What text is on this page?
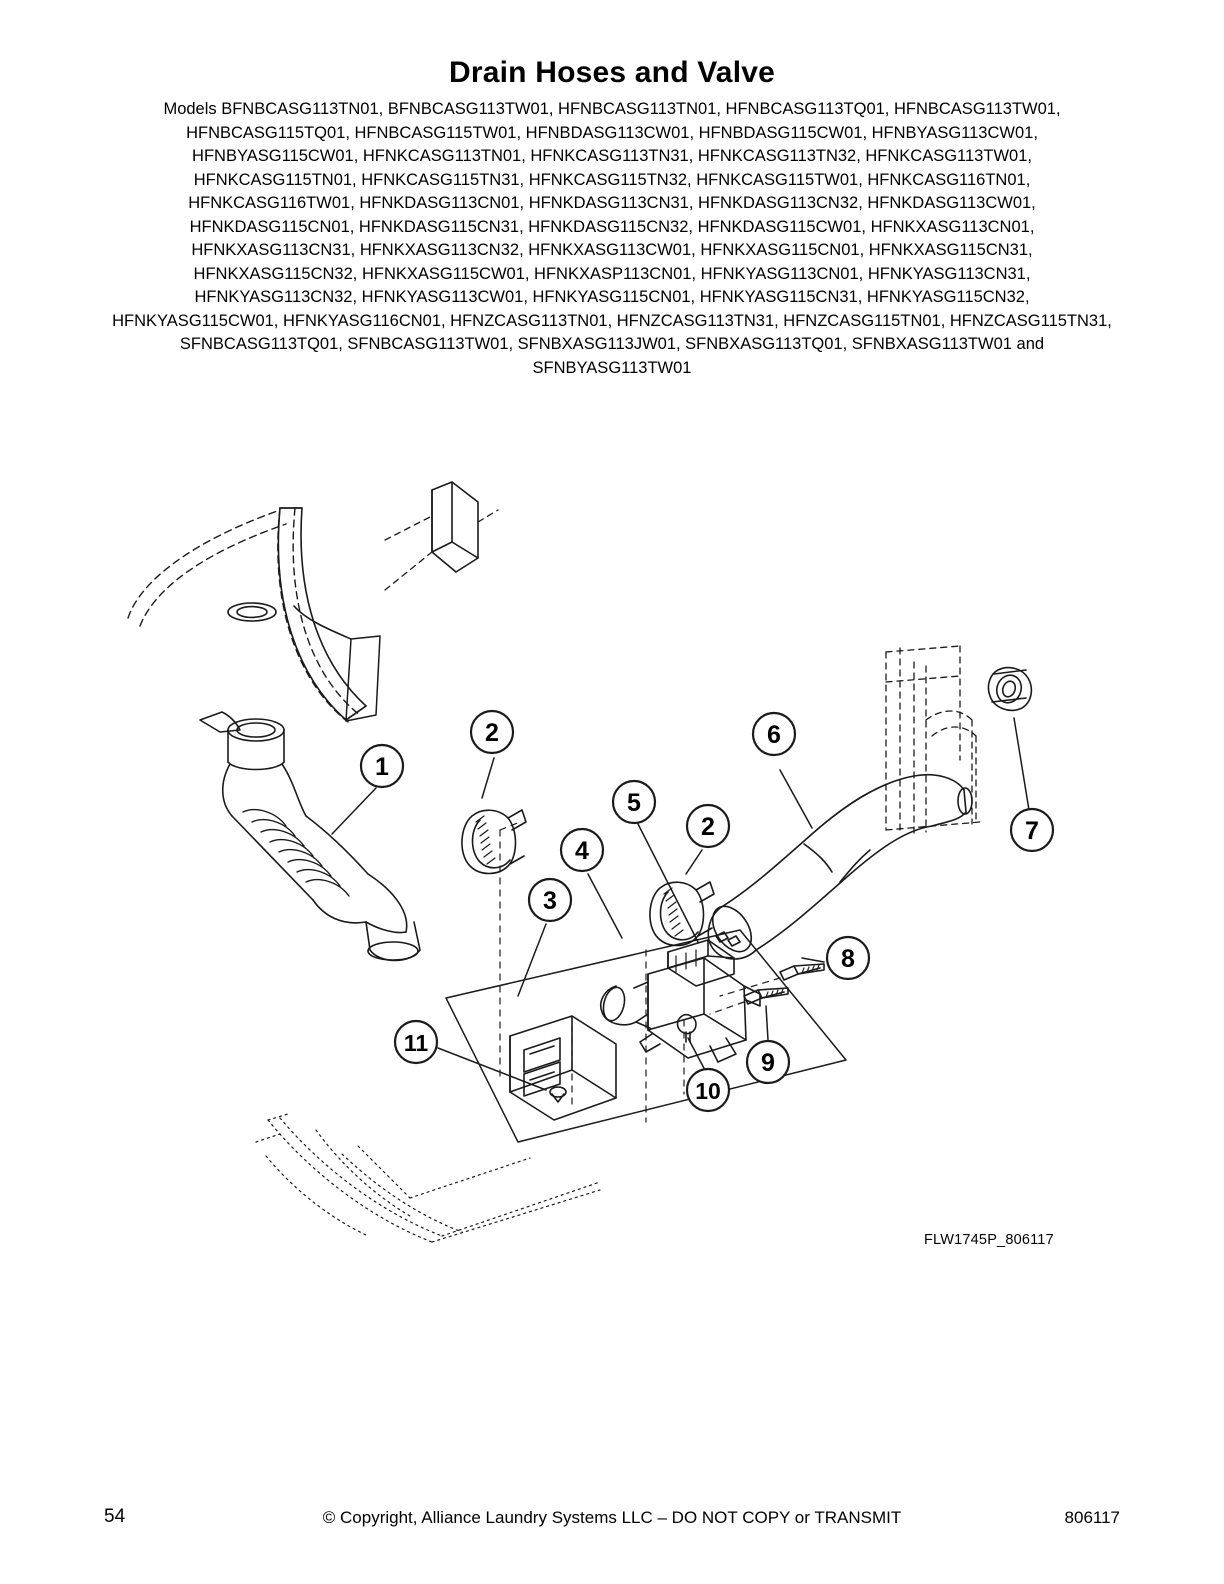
Drain Hoses and Valve
Models BFNBCASG113TN01, BFNBCASG113TW01, HFNBCASG113TN01, HFNBCASG113TQ01, HFNBCASG113TW01, HFNBCASG115TQ01, HFNBCASG115TW01, HFNBDASG113CW01, HFNBDASG115CW01, HFNBYASG113CW01, HFNBYASG115CW01, HFNKCASG113TN01, HFNKCASG113TN31, HFNKCASG113TN32, HFNKCASG113TW01, HFNKCASG115TN01, HFNKCASG115TN31, HFNKCASG115TN32, HFNKCASG115TW01, HFNKCASG116TN01, HFNKCASG116TW01, HFNKDASG113CN01, HFNKDASG113CN31, HFNKDASG113CN32, HFNKDASG113CW01, HFNKDASG115CN01, HFNKDASG115CN31, HFNKDASG115CN32, HFNKDASG115CW01, HFNKXASG113CN01, HFNKXASG113CN31, HFNKXASG113CN32, HFNKXASG113CW01, HFNKXASG115CN01, HFNKXASG115CN31, HFNKXASG115CN32, HFNKXASG115CW01, HFNKXASP113CN01, HFNKYASG113CN01, HFNKYASG113CN31, HFNKYASG113CN32, HFNKYASG113CW01, HFNKYASG115CN01, HFNKYASG115CN31, HFNKYASG115CN32, HFNKYASG115CW01, HFNKYASG116CN01, HFNZCASG113TN01, HFNZCASG113TN31, HFNZCASG115TN01, HFNZCASG115TN31, SFNBCASG113TQ01, SFNBCASG113TW01, SFNBXASG113JW01, SFNBXASG113TQ01, SFNBXASG113TW01 and SFNBYASG113TW01
1
2
3
4
5
6
2	7
8
9
10
11
FLW1745P_806117
54	© Copyright, Alliance Laundry Systems LLC – DO NOT COPY or TRANSMIT	806117
